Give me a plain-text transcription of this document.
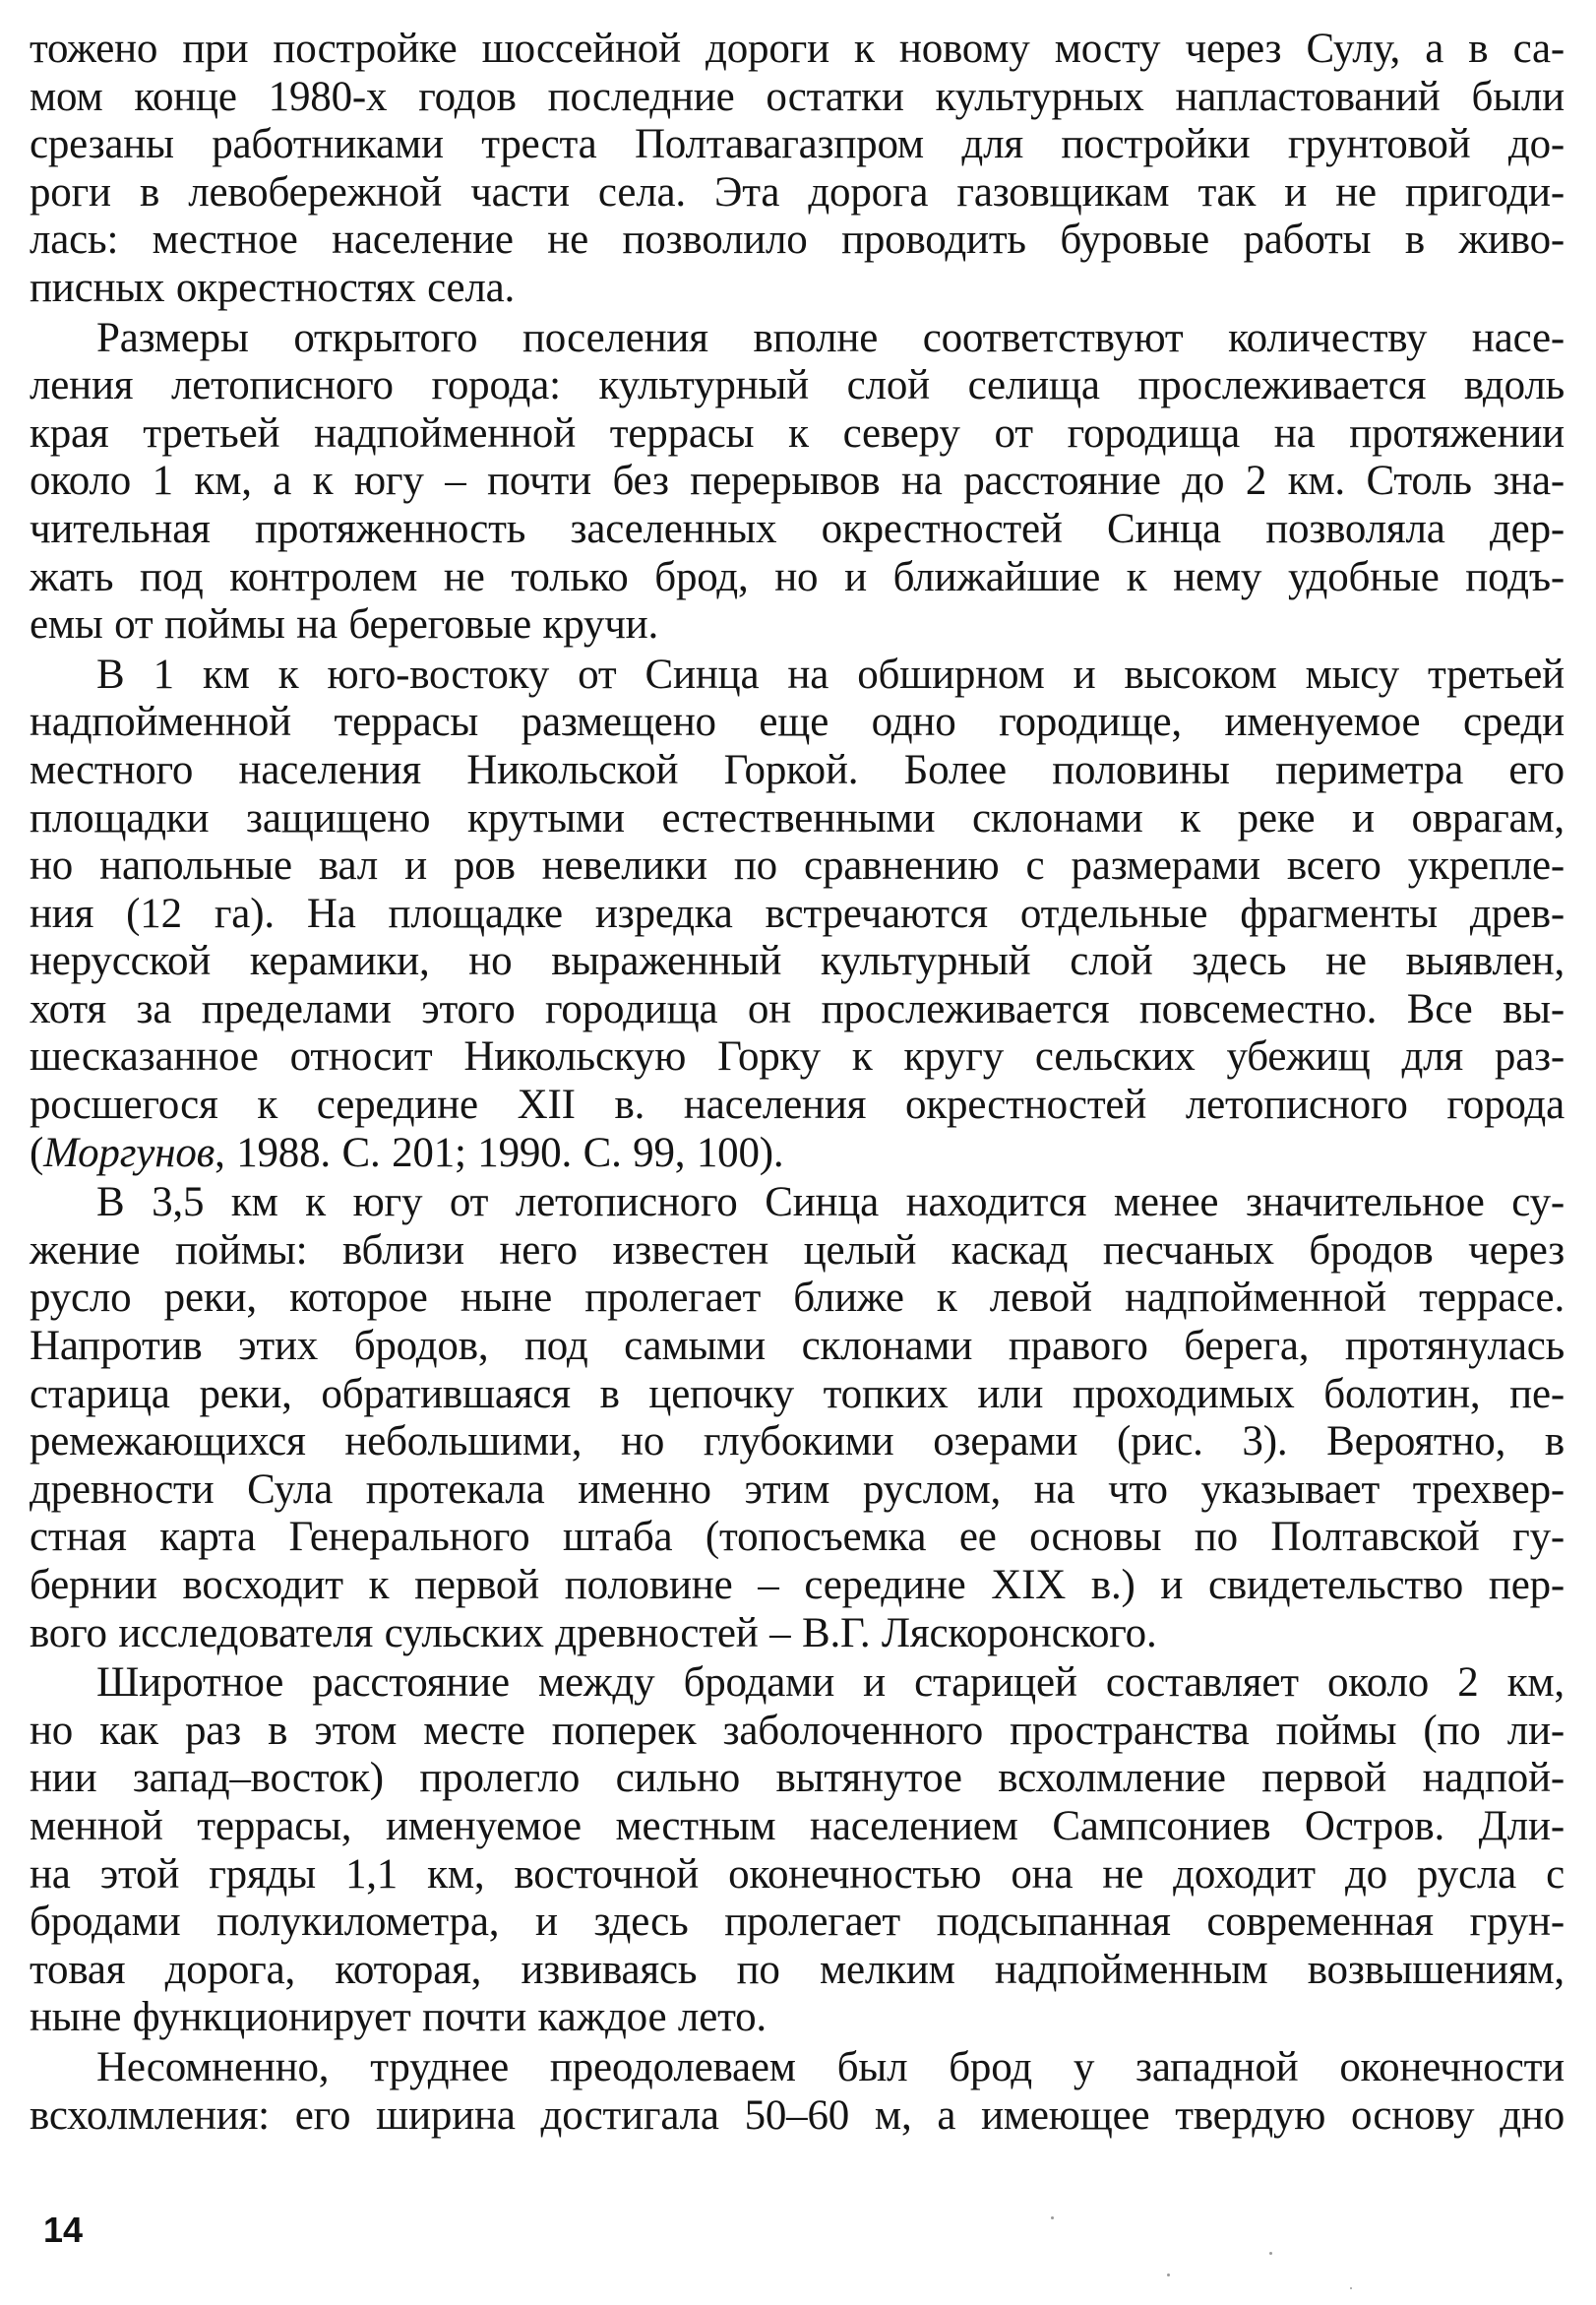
тожено при постройке шоссейной дороги к новому мосту через Сулу, а в са-
мом конце 1980-х годов последние остатки культурных напластований были
срезаны работниками треста Полтавагазпром для постройки грунтовой до-
роги в левобережной части села. Эта дорога газовщикам так и не пригоди-
лась: местное население не позволило проводить буровые работы в живо-
писных окрестностях села.

Размеры открытого поселения вполне соответствуют количеству насе-
ления летописного города: культурный слой селища прослеживается вдоль
края третьей надпойменной террасы к северу от городища на протяжении
около 1 км, а к югу – почти без перерывов на расстояние до 2 км. Столь зна-
чительная протяженность заселенных окрестностей Синца позволяла дер-
жать под контролем не только брод, но и ближайшие к нему удобные подъ-
емы от поймы на береговые кручи.

В 1 км к юго-востоку от Синца на обширном и высоком мысу третьей
надпойменной террасы размещено еще одно городище, именуемое среди
местного населения Никольской Горкой. Более половины периметра его
площадки защищено крутыми естественными склонами к реке и оврагам,
но напольные вал и ров невелики по сравнению с размерами всего укрепле-
ния (12 га). На площадке изредка встречаются отдельные фрагменты древ-
нерусской керамики, но выраженный культурный слой здесь не выявлен,
хотя за пределами этого городища он прослеживается повсеместно. Все вы-
шесказанное относит Никольскую Горку к кругу сельских убежищ для раз-
росшегося к середине XII в. населения окрестностей летописного города
(Моргунов, 1988. С. 201; 1990. С. 99, 100).

В 3,5 км к югу от летописного Синца находится менее значительное су-
жение поймы: вблизи него известен целый каскад песчаных бродов через
русло реки, которое ныне пролегает ближе к левой надпойменной террасе.
Напротив этих бродов, под самыми склонами правого берега, протянулась
старица реки, обратившаяся в цепочку топких или проходимых болотин, пе-
ремежающихся небольшими, но глубокими озерами (рис. 3). Вероятно, в
древности Сула протекала именно этим руслом, на что указывает трехвер-
стная карта Генерального штаба (топосъемка ее основы по Полтавской гу-
бернии восходит к первой половине – середине XIX в.) и свидетельство пер-
вого исследователя сульских древностей – В.Г. Ляскоронского.

Широтное расстояние между бродами и старицей составляет около 2 км,
но как раз в этом месте поперек заболоченного пространства поймы (по ли-
нии запад–восток) пролегло сильно вытянутое всхолмление первой надпой-
менной террасы, именуемое местным населением Сампсониев Остров. Дли-
на этой гряды 1,1 км, восточной оконечностью она не доходит до русла с
бродами полукилометра, и здесь пролегает подсыпанная современная грун-
товая дорога, которая, извиваясь по мелким надпойменным возвышениям,
ныне функционирует почти каждое лето.

Несомненно, труднее преодолеваем был брод у западной оконечности
всхолмления: его ширина достигала 50–60 м, а имеющее твердую основу дно

14
